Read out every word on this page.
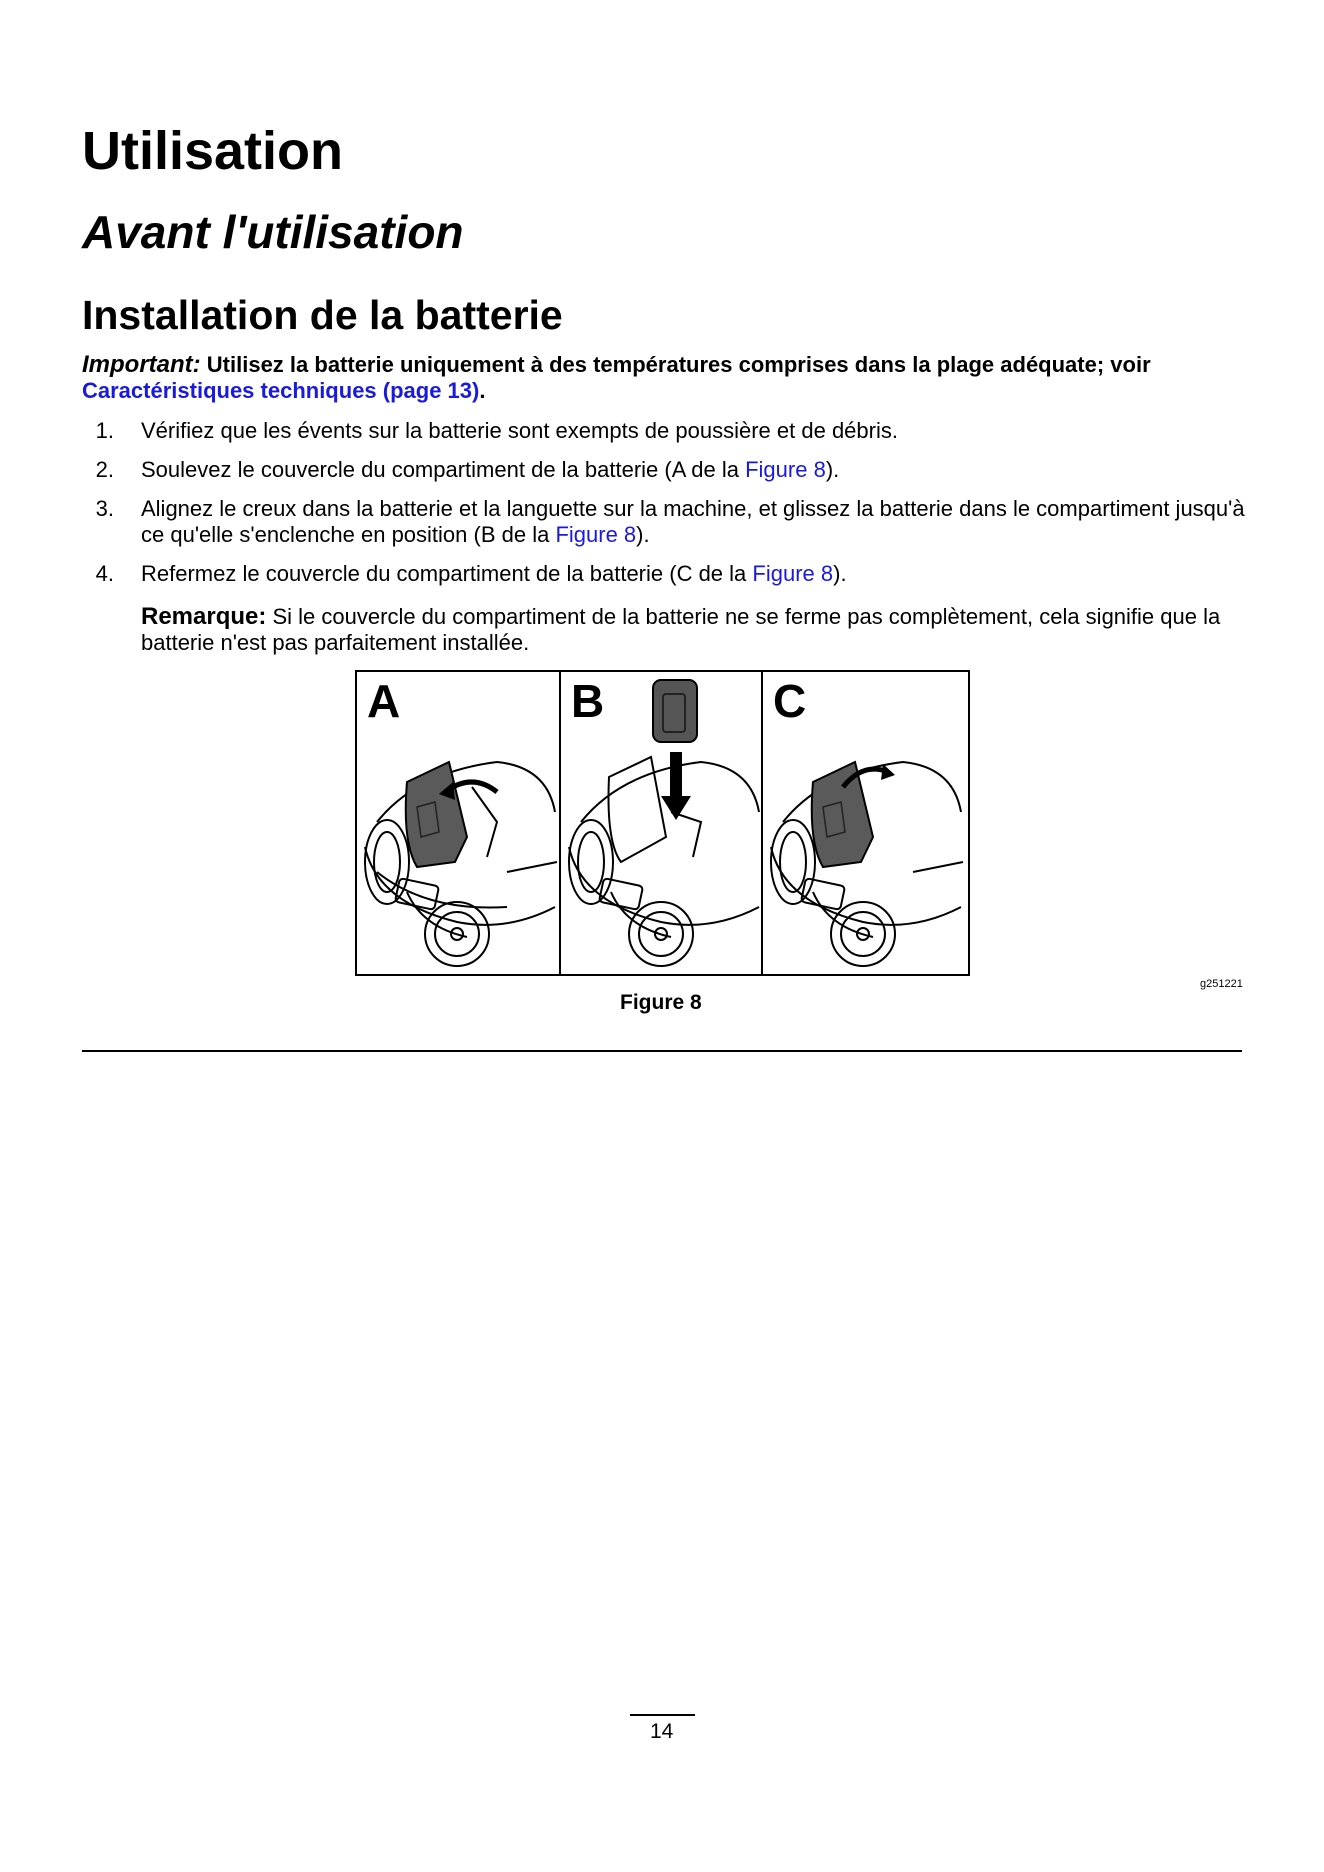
Utilisation
Avant l'utilisation
Installation de la batterie
Important: Utilisez la batterie uniquement à des températures comprises dans la plage adéquate; voir
Caractéristiques techniques (page 13).
1. Vérifiez que les évents sur la batterie sont exempts de poussière et de débris.
2. Soulevez le couvercle du compartiment de la batterie (A de la Figure 8).
3. Alignez le creux dans la batterie et la languette sur la machine, et glissez la batterie dans le compartiment jusqu'à ce qu'elle s'enclenche en position (B de la Figure 8).
4. Refermez le couvercle du compartiment de la batterie (C de la Figure 8).
Remarque: Si le couvercle du compartiment de la batterie ne se ferme pas complètement, cela signifie que la batterie n'est pas parfaitement installée.
A	B	C
g251221
Figure 8
14
